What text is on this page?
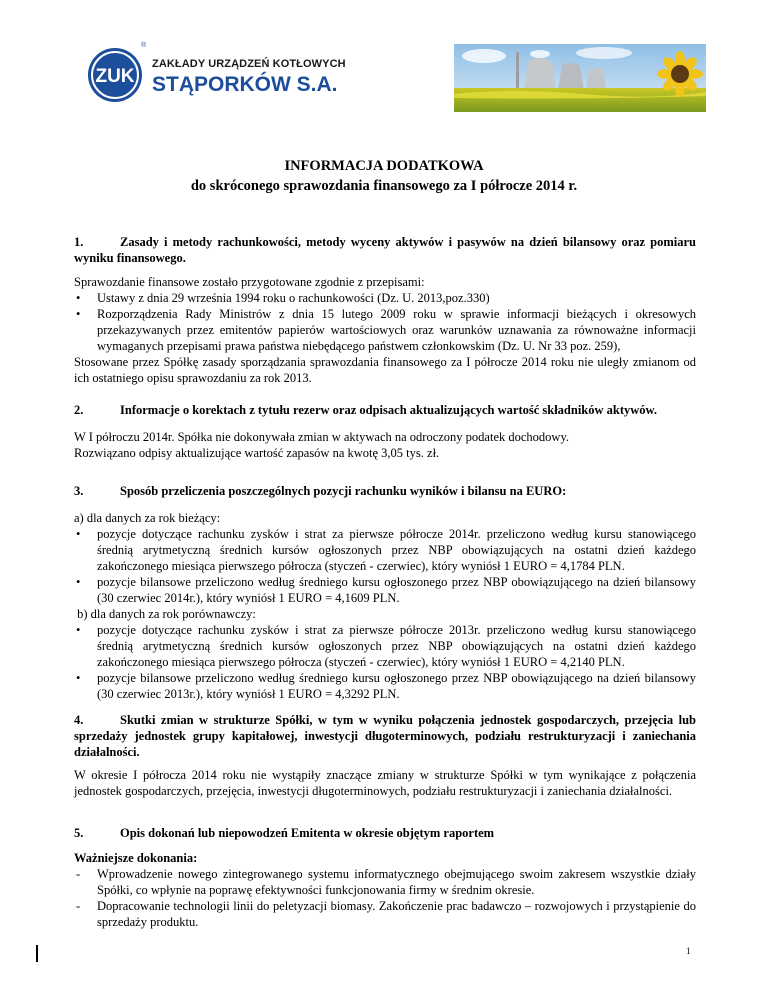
ZUK
®
ZAKŁADY URZĄDZEŃ KOTŁOWYCH
STĄPORKÓW S.A.
INFORMACJA DODATKOWA
do skróconego sprawozdania finansowego za I półrocze 2014 r.
1.	Zasady i metody rachunkowości, metody wyceny aktywów i pasywów na dzień bilansowy oraz pomiaru wyniku finansowego.
Sprawozdanie finansowe zostało przygotowane zgodnie z przepisami:
• Ustawy z dnia 29 września 1994 roku o rachunkowości (Dz. U. 2013,poz.330)
• Rozporządzenia Rady Ministrów z dnia 15 lutego 2009 roku w sprawie informacji bieżących i okresowych przekazywanych przez emitentów papierów wartościowych oraz warunków uznawania za równoważne informacji wymaganych przepisami prawa państwa niebędącego państwem członkowskim (Dz. U. Nr 33 poz. 259),
Stosowane przez Spółkę zasady sporządzania sprawozdania finansowego za I półrocze 2014 roku nie uległy zmianom od ich ostatniego opisu sprawozdaniu za rok 2013.
2.	Informacje o korektach z tytułu rezerw oraz odpisach aktualizujących wartość składników aktywów.
W I półroczu 2014r. Spółka nie dokonywała zmian w aktywach na odroczony podatek dochodowy.
Rozwiązano odpisy aktualizujące wartość zapasów na kwotę 3,05 tys. zł.
3.	Sposób przeliczenia poszczególnych pozycji rachunku wyników i bilansu na EURO:
a) dla danych za rok bieżący:
• pozycje dotyczące rachunku zysków i strat za pierwsze półrocze 2014r. przeliczono według kursu stanowiącego średnią arytmetyczną średnich kursów ogłoszonych przez NBP obowiązujących na ostatni dzień każdego zakończonego miesiąca pierwszego półrocza (styczeń - czerwiec), który wyniósł 1 EURO = 4,1784 PLN.
• pozycje bilansowe przeliczono według średniego kursu ogłoszonego przez NBP obowiązującego na dzień bilansowy (30 czerwiec 2014r.), który wyniósł 1 EURO = 4,1609 PLN.
b) dla danych za rok porównawczy:
• pozycje dotyczące rachunku zysków i strat za pierwsze półrocze 2013r. przeliczono według kursu stanowiącego średnią arytmetyczną średnich kursów ogłoszonych przez NBP obowiązujących na ostatni dzień każdego zakończonego miesiąca pierwszego półrocza (styczeń - czerwiec), który wyniósł 1 EURO = 4,2140 PLN.
• pozycje bilansowe przeliczono według średniego kursu ogłoszonego przez NBP obowiązującego na dzień bilansowy (30 czerwiec 2013r.), który wyniósł 1 EURO = 4,3292 PLN.
4.	Skutki zmian w strukturze Spółki, w tym w wyniku połączenia jednostek gospodarczych, przejęcia lub sprzedaży jednostek grupy kapitałowej, inwestycji długoterminowych, podziału restrukturyzacji i zaniechania działalności.
W okresie I półrocza 2014 roku nie wystąpiły znaczące zmiany w strukturze Spółki w tym wynikające z połączenia jednostek gospodarczych, przejęcia, inwestycji długoterminowych, podziału restrukturyzacji i zaniechania działalności.
5.	Opis dokonań lub niepowodzeń Emitenta w okresie objętym raportem
Ważniejsze dokonania:
- Wprowadzenie nowego zintegrowanego systemu informatycznego obejmującego swoim zakresem wszystkie działy Spółki, co wpłynie na poprawę efektywności funkcjonowania firmy w średnim okresie.
- Dopracowanie technologii linii do peletyzacji biomasy. Zakończenie prac badawczo – rozwojowych i przystąpienie do sprzedaży produktu.
1
